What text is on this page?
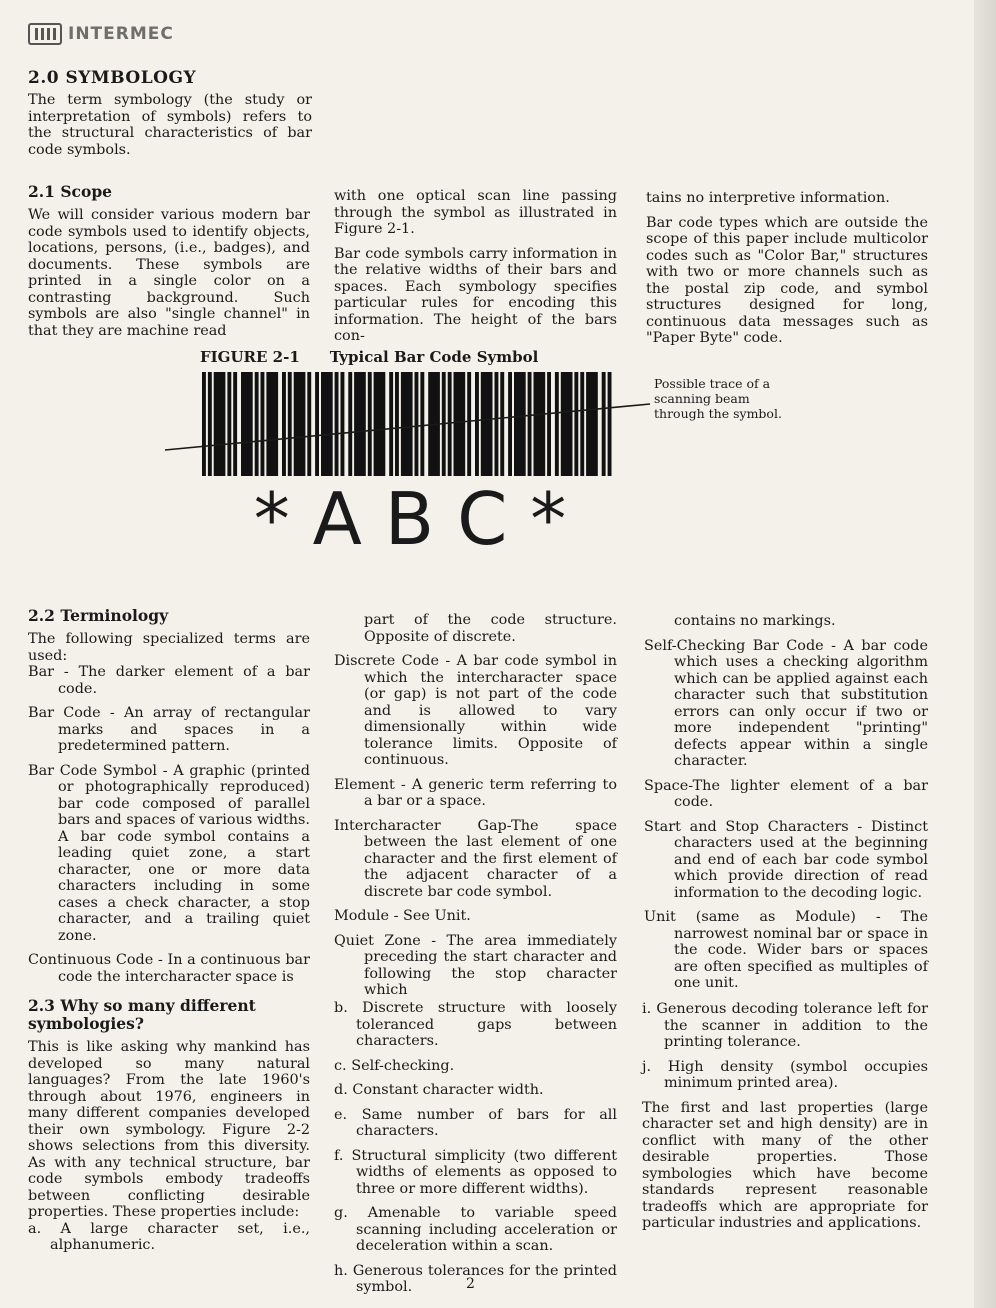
INTERMEC
2.0 SYMBOLOGY

The term symbology (the study or interpretation of symbols) refers to the structural characteristics of bar code symbols.

2.1 Scope

We will consider various modern bar code symbols used to identify objects, locations, persons, (i.e., badges), and documents. These symbols are printed in a single color on a contrasting background. Such symbols are also "single channel" in that they are machine read

with one optical scan line passing through the symbol as illustrated in Figure 2-1.

Bar code symbols carry information in the relative widths of their bars and spaces. Each symbology specifies particular rules for encoding this information. The height of the bars con-

tains no interpretive information.

Bar code types which are outside the scope of this paper include multicolor codes such as "Color Bar," structures with two or more channels such as the postal zip code, and symbol structures designed for long, continuous data messages such as "Paper Byte" code.

FIGURE 2-1 Typical Bar Code Symbol
* A B C *
Possible trace of a scanning beam through the symbol.
2.2 Terminology

The following specialized terms are used:

Bar - The darker element of a bar code.

Bar Code - An array of rectangular marks and spaces in a predetermined pattern.

Bar Code Symbol - A graphic (printed or photographically reproduced) bar code composed of parallel bars and spaces of various widths. A bar code symbol contains a leading quiet zone, a start character, one or more data characters including in some cases a check character, a stop character, and a trailing quiet zone.

Continuous Code - In a continuous bar code the intercharacter space is

part of the code structure. Opposite of discrete.

Discrete Code - A bar code symbol in which the intercharacter space (or gap) is not part of the code and is allowed to vary dimensionally within wide tolerance limits. Opposite of continuous.

Element - A generic term referring to a bar or a space.

Intercharacter Gap-The space between the last element of one character and the first element of the adjacent character of a discrete bar code symbol.

Module - See Unit.

Quiet Zone - The area immediately preceding the start character and following the stop character which

contains no markings.

Self-Checking Bar Code - A bar code which uses a checking algorithm which can be applied against each character such that substitution errors can only occur if two or more independent "printing" defects appear within a single character.

Space-The lighter element of a bar code.

Start and Stop Characters - Distinct characters used at the beginning and end of each bar code symbol which provide direction of read information to the decoding logic.

Unit (same as Module) - The narrowest nominal bar or space in the code. Wider bars or spaces are often specified as multiples of one unit.

2.3 Why so many different symbologies?

This is like asking why mankind has developed so many natural languages? From the late 1960's through about 1976, engineers in many different companies developed their own symbology. Figure 2-2 shows selections from this diversity. As with any technical structure, bar code symbols embody tradeoffs between conflicting desirable properties. These properties include:

a. A large character set, i.e., alphanumeric.

b. Discrete structure with loosely toleranced gaps between characters.

c. Self-checking.

d. Constant character width.

e. Same number of bars for all characters.

f. Structural simplicity (two different widths of elements as opposed to three or more different widths).

g. Amenable to variable speed scanning including acceleration or deceleration within a scan.

h. Generous tolerances for the printed symbol.

i. Generous decoding tolerance left for the scanner in addition to the printing tolerance.

j. High density (symbol occupies minimum printed area).

The first and last properties (large character set and high density) are in conflict with many of the other desirable properties. Those symbologies which have become standards represent reasonable tradeoffs which are appropriate for particular industries and applications.

2
